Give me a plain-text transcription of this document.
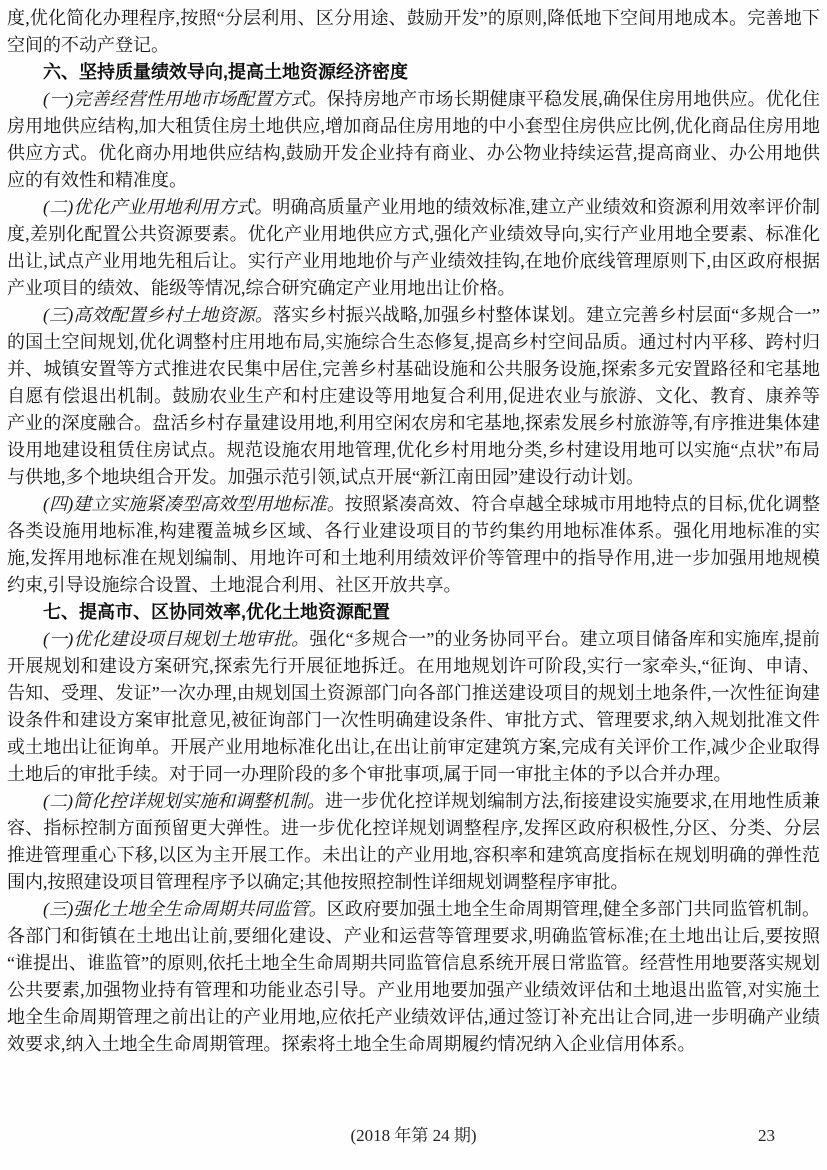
度,优化简化办理程序,按照“分层利用、区分用途、鼓励开发”的原则,降低地下空间用地成本。完善地下空间的不动产登记。

六、坚持质量绩效导向,提高土地资源经济密度

(一)完善经营性用地市场配置方式。保持房地产市场长期健康平稳发展,确保住房用地供应。优化住房用地供应结构,加大租赁住房土地供应,增加商品住房用地的中小套型住房供应比例,优化商品住房用地供应方式。优化商办用地供应结构,鼓励开发企业持有商业、办公物业持续运营,提高商业、办公用地供应的有效性和精准度。

(二)优化产业用地利用方式。明确高质量产业用地的绩效标准,建立产业绩效和资源利用效率评价制度,差别化配置公共资源要素。优化产业用地供应方式,强化产业绩效导向,实行产业用地全要素、标准化出让,试点产业用地先租后让。实行产业用地地价与产业绩效挂钩,在地价底线管理原则下,由区政府根据产业项目的绩效、能级等情况,综合研究确定产业用地出让价格。

(三)高效配置乡村土地资源。落实乡村振兴战略,加强乡村整体谋划。建立完善乡村层面“多规合一”的国土空间规划,优化调整村庄用地布局,实施综合生态修复,提高乡村空间品质。通过村内平移、跨村归并、城镇安置等方式推进农民集中居住,完善乡村基础设施和公共服务设施,探索多元安置路径和宅基地自愿有偿退出机制。鼓励农业生产和村庄建设等用地复合利用,促进农业与旅游、文化、教育、康养等产业的深度融合。盘活乡村存量建设用地,利用空闲农房和宅基地,探索发展乡村旅游等,有序推进集体建设用地建设租赁住房试点。规范设施农用地管理,优化乡村用地分类,乡村建设用地可以实施“点状”布局与供地,多个地块组合开发。加强示范引领,试点开展“新江南田园”建设行动计划。

(四)建立实施紧凑型高效型用地标准。按照紧凑高效、符合卓越全球城市用地特点的目标,优化调整各类设施用地标准,构建覆盖城乡区域、各行业建设项目的节约集约用地标准体系。强化用地标准的实施,发挥用地标准在规划编制、用地许可和土地利用绩效评价等管理中的指导作用,进一步加强用地规模约束,引导设施综合设置、土地混合利用、社区开放共享。

七、提高市、区协同效率,优化土地资源配置

(一)优化建设项目规划土地审批。强化“多规合一”的业务协同平台。建立项目储备库和实施库,提前开展规划和建设方案研究,探索先行开展征地拆迁。在用地规划许可阶段,实行一家牵头,“征询、申请、告知、受理、发证”一次办理,由规划国土资源部门向各部门推送建设项目的规划土地条件,一次性征询建设条件和建设方案审批意见,被征询部门一次性明确建设条件、审批方式、管理要求,纳入规划批准文件或土地出让征询单。开展产业用地标准化出让,在出让前审定建筑方案,完成有关评价工作,减少企业取得土地后的审批手续。对于同一办理阶段的多个审批事项,属于同一审批主体的予以合并办理。

(二)简化控详规划实施和调整机制。进一步优化控详规划编制方法,衔接建设实施要求,在用地性质兼容、指标控制方面预留更大弹性。进一步优化控详规划调整程序,发挥区政府积极性,分区、分类、分层推进管理重心下移,以区为主开展工作。未出让的产业用地,容积率和建筑高度指标在规划明确的弹性范围内,按照建设项目管理程序予以确定;其他按照控制性详细规划调整程序审批。

(三)强化土地全生命周期共同监管。区政府要加强土地全生命周期管理,健全多部门共同监管机制。各部门和街镇在土地出让前,要细化建设、产业和运营等管理要求,明确监管标准;在土地出让后,要按照“谁提出、谁监管”的原则,依托土地全生命周期共同监管信息系统开展日常监管。经营性用地要落实规划公共要素,加强物业持有管理和功能业态引导。产业用地要加强产业绩效评估和土地退出监管,对实施土地全生命周期管理之前出让的产业用地,应依托产业绩效评估,通过签订补充出让合同,进一步明确产业绩效要求,纳入土地全生命周期管理。探索将土地全生命周期履约情况纳入企业信用体系。

(2018 年第 24 期)	23
